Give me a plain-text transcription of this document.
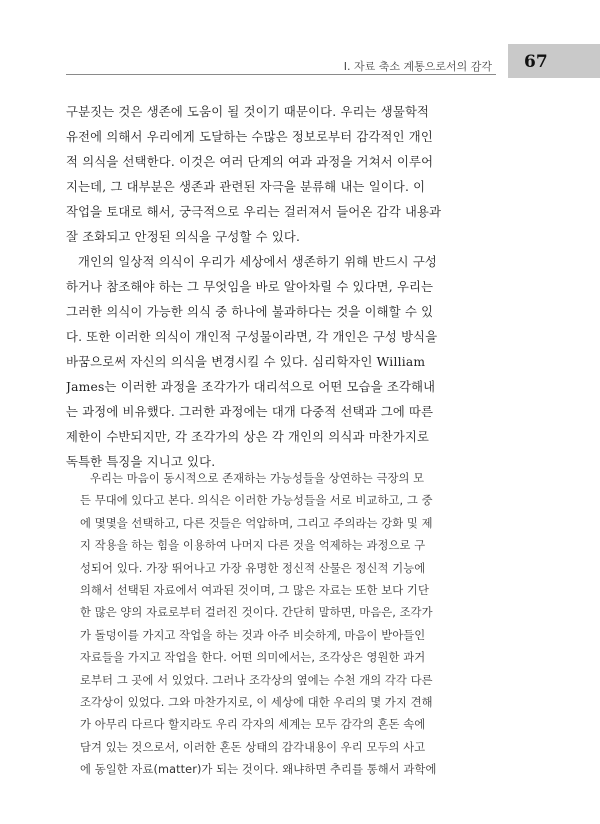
I. 자료 축소 계통으로서의 감각 67
구분짓는 것은 생존에 도움이 될 것이기 때문이다. 우리는 생물학적
유전에 의해서 우리에게 도달하는 수많은 정보로부터 감각적인 개인
적 의식을 선택한다. 이것은 여러 단계의 여과 과정을 거쳐서 이루어
지는데, 그 대부분은 생존과 관련된 자극을 분류해 내는 일이다. 이
작업을 토대로 해서, 궁극적으로 우리는 걸러져서 들어온 감각 내용과
잘 조화되고 안정된 의식을 구성할 수 있다.
개인의 일상적 의식이 우리가 세상에서 생존하기 위해 반드시 구성
하거나 참조해야 하는 그 무엇임을 바로 알아차릴 수 있다면, 우리는
그러한 의식이 가능한 의식 중 하나에 불과하다는 것을 이해할 수 있
다. 또한 이러한 의식이 개인적 구성물이라면, 각 개인은 구성 방식을
바꿈으로써 자신의 의식을 변경시킬 수 있다. 심리학자인 William
James는 이러한 과정을 조각가가 대리석으로 어떤 모습을 조각해내
는 과정에 비유했다. 그러한 과정에는 대개 다중적 선택과 그에 따른
제한이 수반되지만, 각 조각가의 상은 각 개인의 의식과 마찬가지로
독특한 특징을 지니고 있다.
우리는 마음이 동시적으로 존재하는 가능성들을 상연하는 극장의 모
든 무대에 있다고 본다. 의식은 이러한 가능성들을 서로 비교하고, 그 중
에 몇몇을 선택하고, 다른 것들은 억압하며, 그리고 주의라는 강화 및 제
지 작용을 하는 힘을 이용하여 나머지 다른 것을 억제하는 과정으로 구
성되어 있다. 가장 뛰어나고 가장 유명한 정신적 산물은 정신적 기능에
의해서 선택된 자료에서 여과된 것이며, 그 많은 자료는 또한 보다 기단
한 많은 양의 자료로부터 걸러진 것이다. 간단히 말하면, 마음은, 조각가
가 돌덩이를 가지고 작업을 하는 것과 아주 비슷하게, 마음이 받아들인
자료들을 가지고 작업을 한다. 어떤 의미에서는, 조각상은 영원한 과거
로부터 그 곳에 서 있었다. 그러나 조각상의 옆에는 수천 개의 각각 다른
조각상이 있었다. 그와 마찬가지로, 이 세상에 대한 우리의 몇 가지 견해
가 아무리 다르다 할지라도 우리 각자의 세계는 모두 감각의 혼돈 속에
담겨 있는 것으로서, 이러한 혼돈 상태의 감각내용이 우리 모두의 사고
에 동일한 자료(matter)가 되는 것이다. 왜냐하면 추리를 통해서 과학에
